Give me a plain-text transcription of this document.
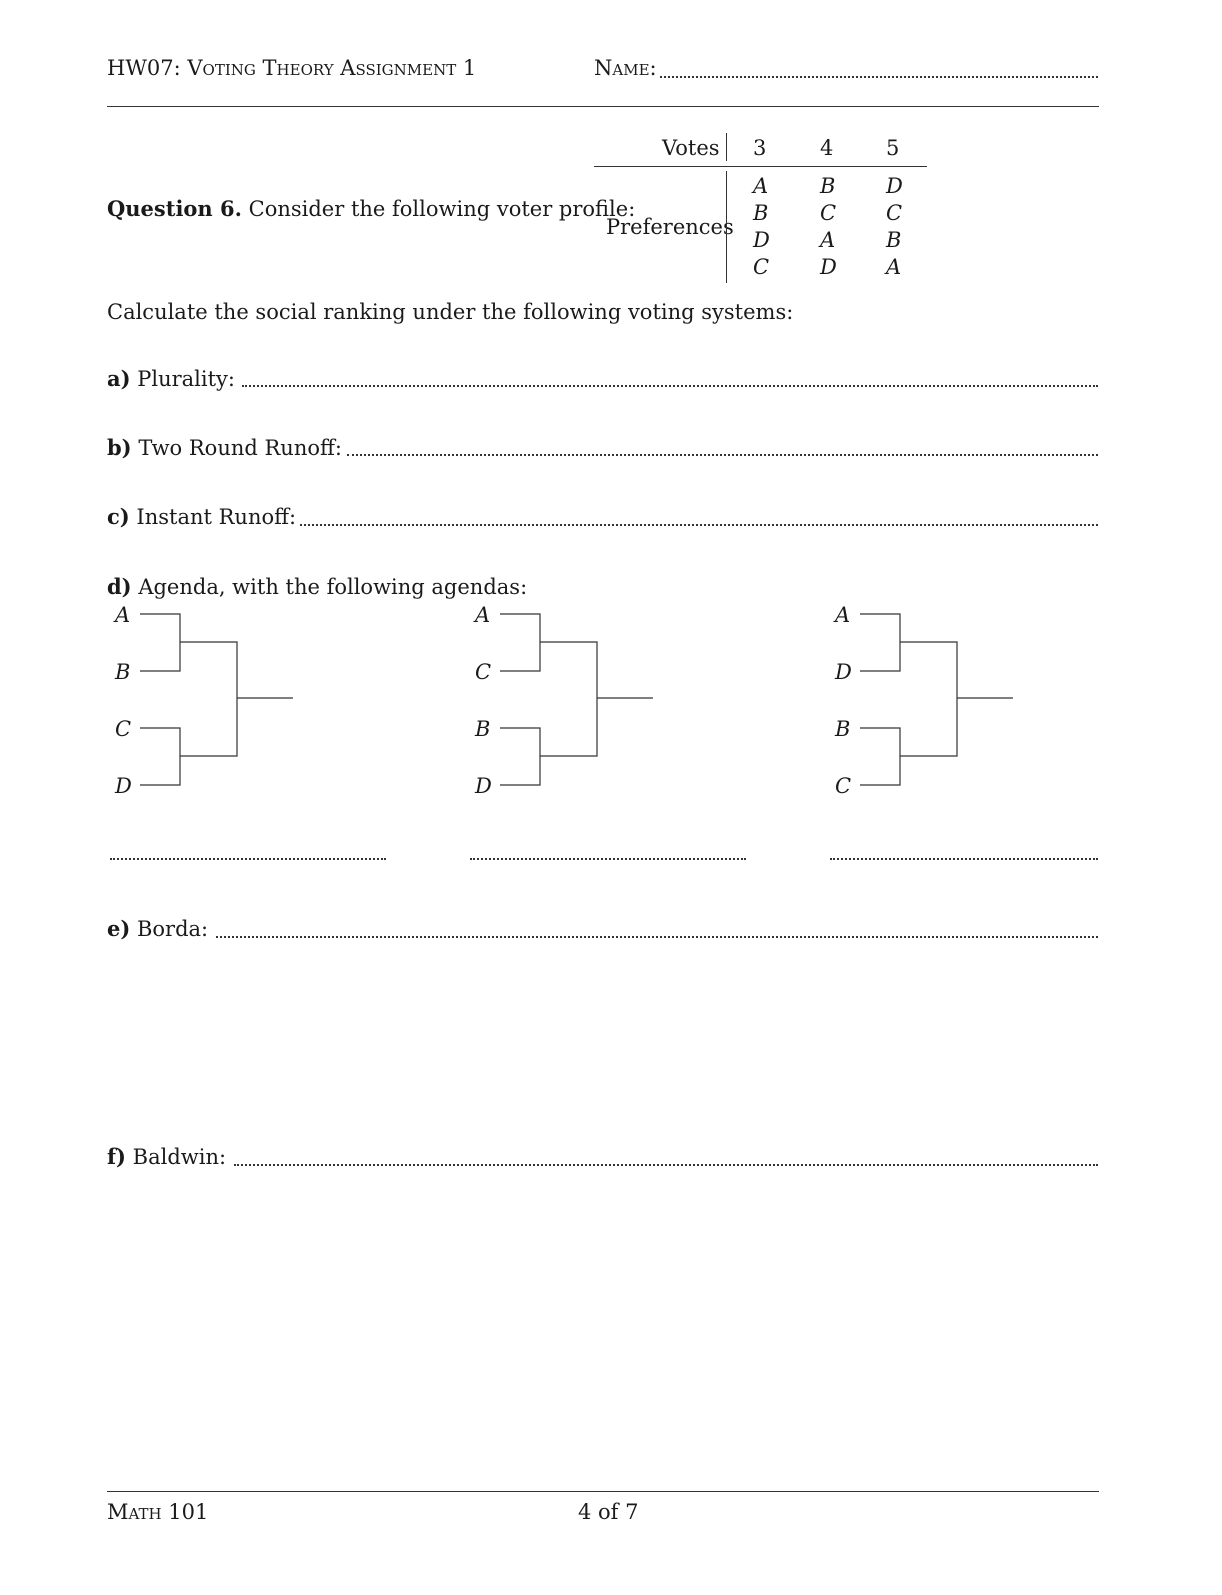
HW07: Voting Theory Assignment 1	Name:
Question 6. Consider the following voter profile:
Votes
Preferences
3
A
B
D
C
4
B
C
A
D
5
D
C
B
A
Calculate the social ranking under the following voting systems:
a) Plurality:
b) Two Round Runoff:
c) Instant Runoff:
d) Agenda, with the following agendas:
A
B
C
D
A
C
B
D
A
D
B
C
e) Borda:
f) Baldwin:
Math 101	4 of 7
